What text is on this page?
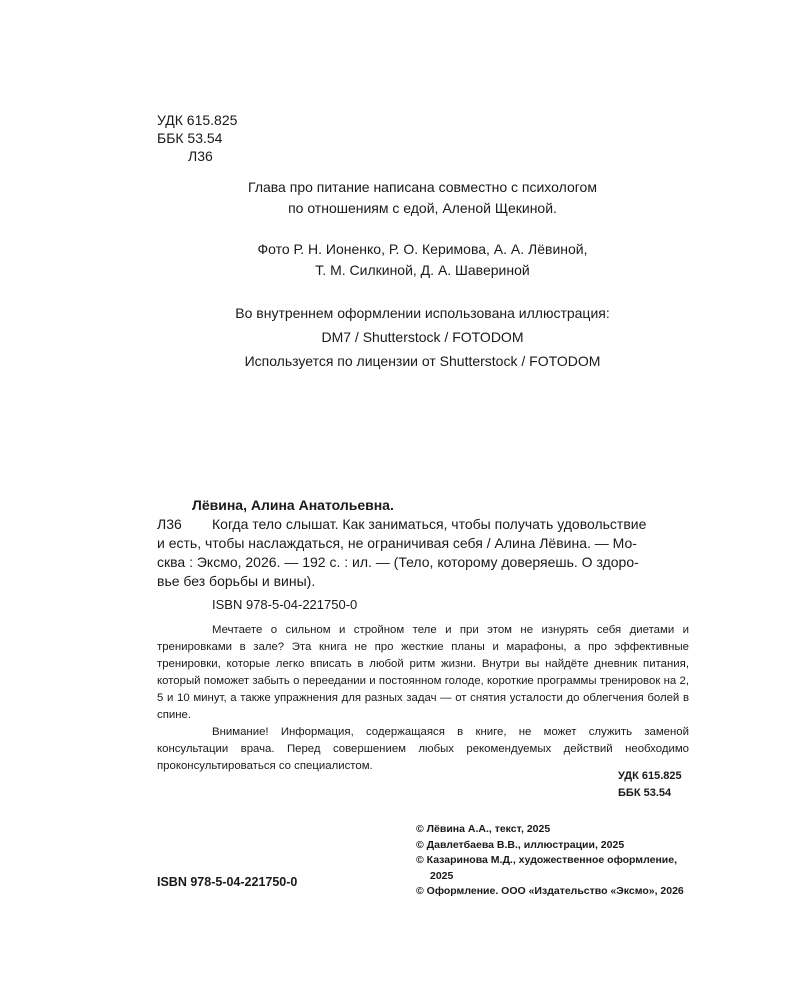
УДК 615.825
ББК 53.54
Л36
Глава про питание написана совместно с психологом
по отношениям с едой, Аленой Щекиной.
Фото Р. Н. Ионенко, Р. О. Керимова, А. А. Лёвиной,
Т. М. Силкиной, Д. А. Шавериной
Во внутреннем оформлении использована иллюстрация:
DM7 / Shutterstock / FOTODOM
Используется по лицензии от Shutterstock / FOTODOM
Лёвина, Алина Анатольевна.
Л36	Когда тело слышат. Как заниматься, чтобы получать удовольствие
и есть, чтобы наслаждаться, не ограничивая себя / Алина Лёвина. — Мо-
сква : Эксмо, 2026. — 192 с. : ил. — (Тело, которому доверяешь. О здоро-
вье без борьбы и вины).
ISBN 978-5-04-221750-0

Мечтаете о сильном и стройном теле и при этом не изнурять себя диетами и тренировками в зале? Эта книга не про жесткие планы и марафоны, а про эффективные тренировки, которые легко вписать в любой ритм жизни. Внутри вы найдёте дневник питания, который поможет забыть о переедании и постоянном голоде, короткие программы тренировок на 2, 5 и 10 минут, а также упражнения для разных задач — от снятия усталости до облегчения болей в спине.

Внимание! Информация, содержащаяся в книге, не может служить заменой консультации врача. Перед совершением любых рекомендуемых действий необходимо проконсультироваться со специалистом.

УДК 615.825
ББК 53.54
© Лёвина А.А., текст, 2025
© Давлетбаева В.В., иллюстрации, 2025
© Казаринова М.Д., художественное оформление,
2025
© Оформление. ООО «Издательство «Эксмо», 2026
ISBN 978-5-04-221750-0
